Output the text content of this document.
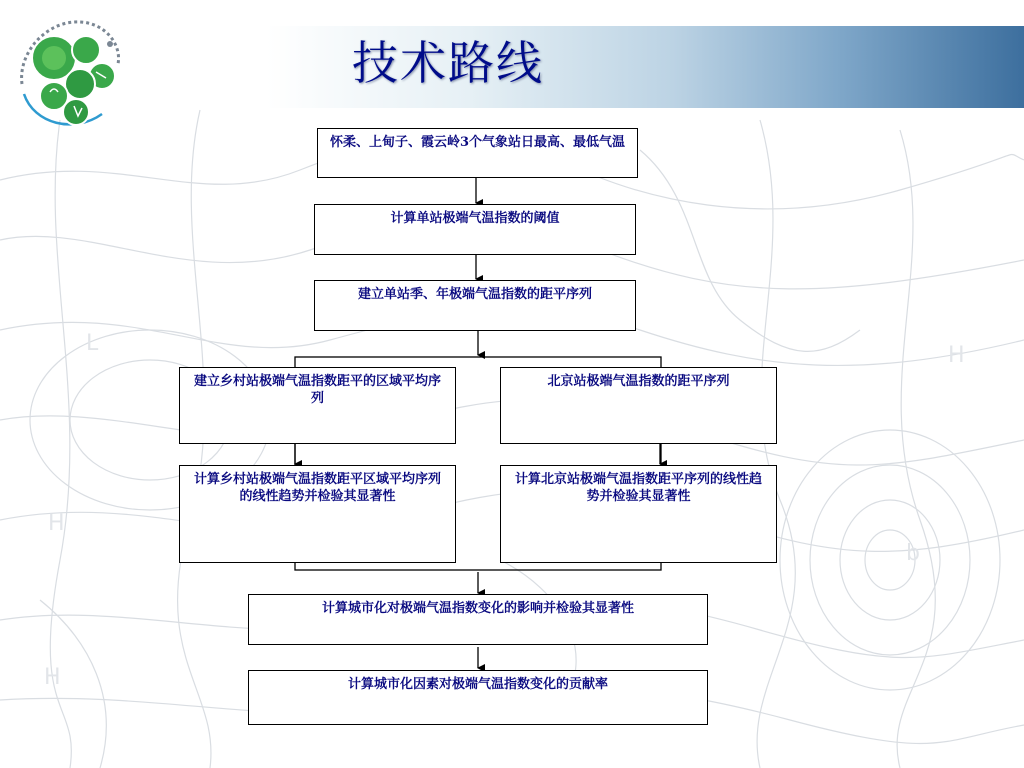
L	H
H
H
b
技术路线
怀柔、上甸子、霞云岭3个气象站日最高、最低气温
计算单站极端气温指数的阈值
建立单站季、年极端气温指数的距平序列
建立乡村站极端气温指数距平的区域平均序列
北京站极端气温指数的距平序列
计算乡村站极端气温指数距平区域平均序列的线性趋势并检验其显著性
计算北京站极端气温指数距平序列的线性趋势并检验其显著性
计算城市化对极端气温指数变化的影响并检验其显著性
计算城市化因素对极端气温指数变化的贡献率
